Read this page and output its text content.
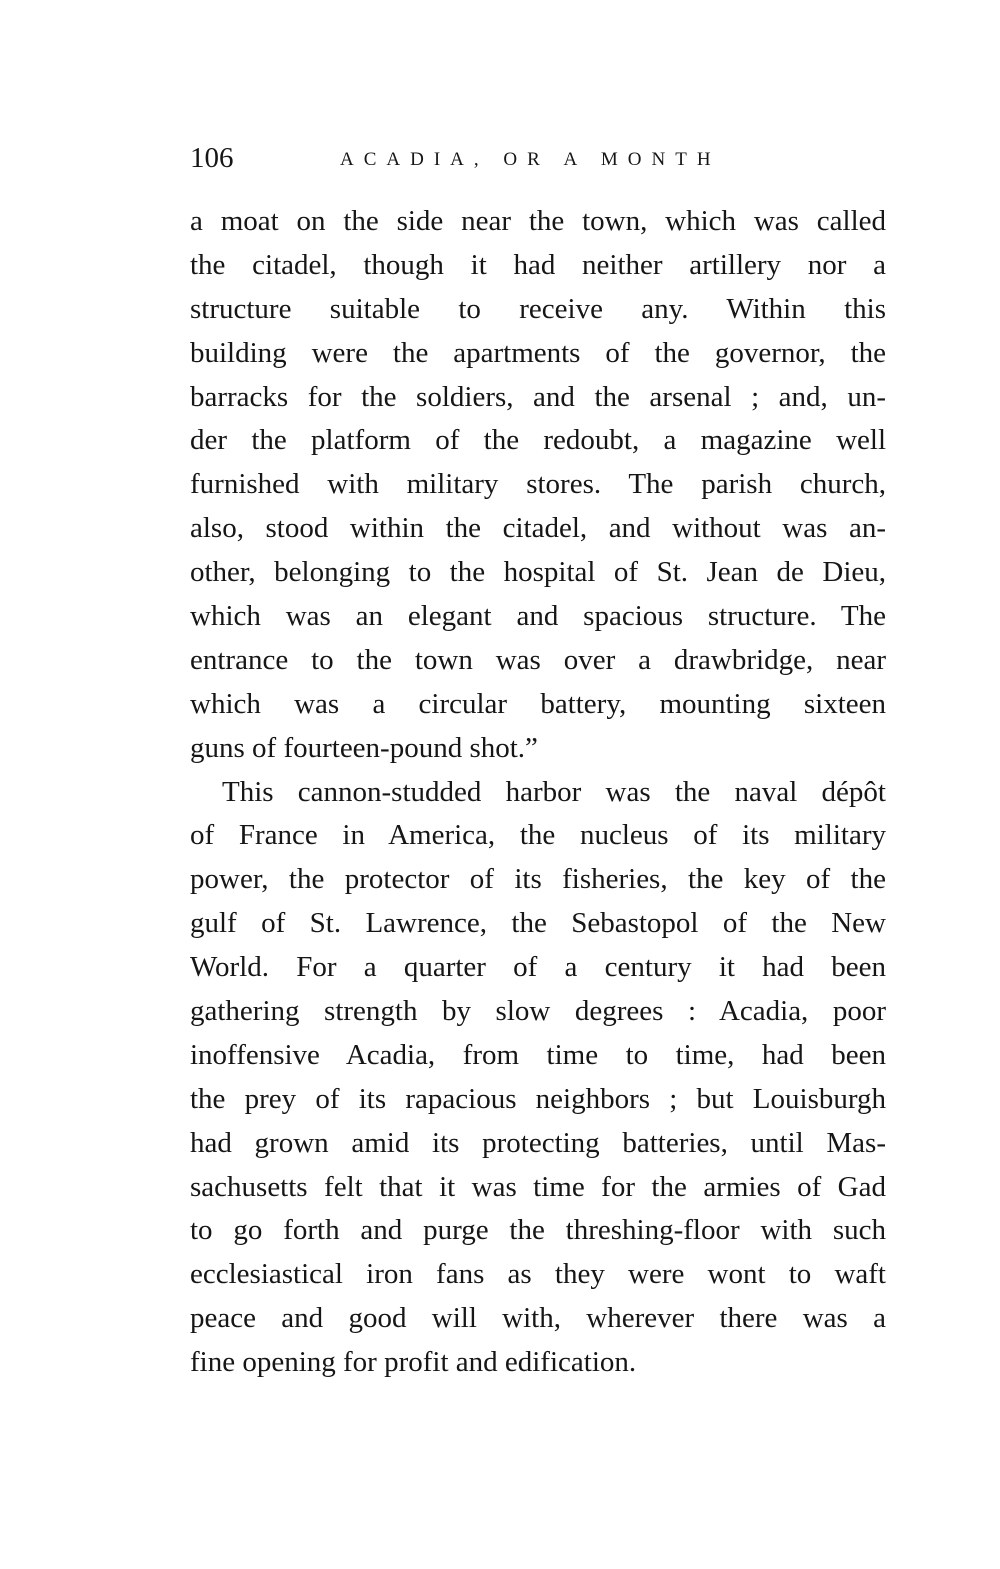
106	ACADIA, OR A MONTH
a moat on the side near the town, which was called
the citadel, though it had neither artillery nor a
structure suitable to receive any. Within this
building were the apartments of the governor, the
barracks for the soldiers, and the arsenal ; and, un-
der the platform of the redoubt, a magazine well
furnished with military stores. The parish church,
also, stood within the citadel, and without was an-
other, belonging to the hospital of St. Jean de Dieu,
which was an elegant and spacious structure. The
entrance to the town was over a drawbridge, near
which was a circular battery, mounting sixteen
guns of fourteen-pound shot.”
This cannon-studded harbor was the naval dépôt
of France in America, the nucleus of its military
power, the protector of its fisheries, the key of the
gulf of St. Lawrence, the Sebastopol of the New
World. For a quarter of a century it had been
gathering strength by slow degrees : Acadia, poor
inoffensive Acadia, from time to time, had been
the prey of its rapacious neighbors ; but Louisburgh
had grown amid its protecting batteries, until Mas-
sachusetts felt that it was time for the armies of Gad
to go forth and purge the threshing-floor with such
ecclesiastical iron fans as they were wont to waft
peace and good will with, wherever there was a
fine opening for profit and edification.
